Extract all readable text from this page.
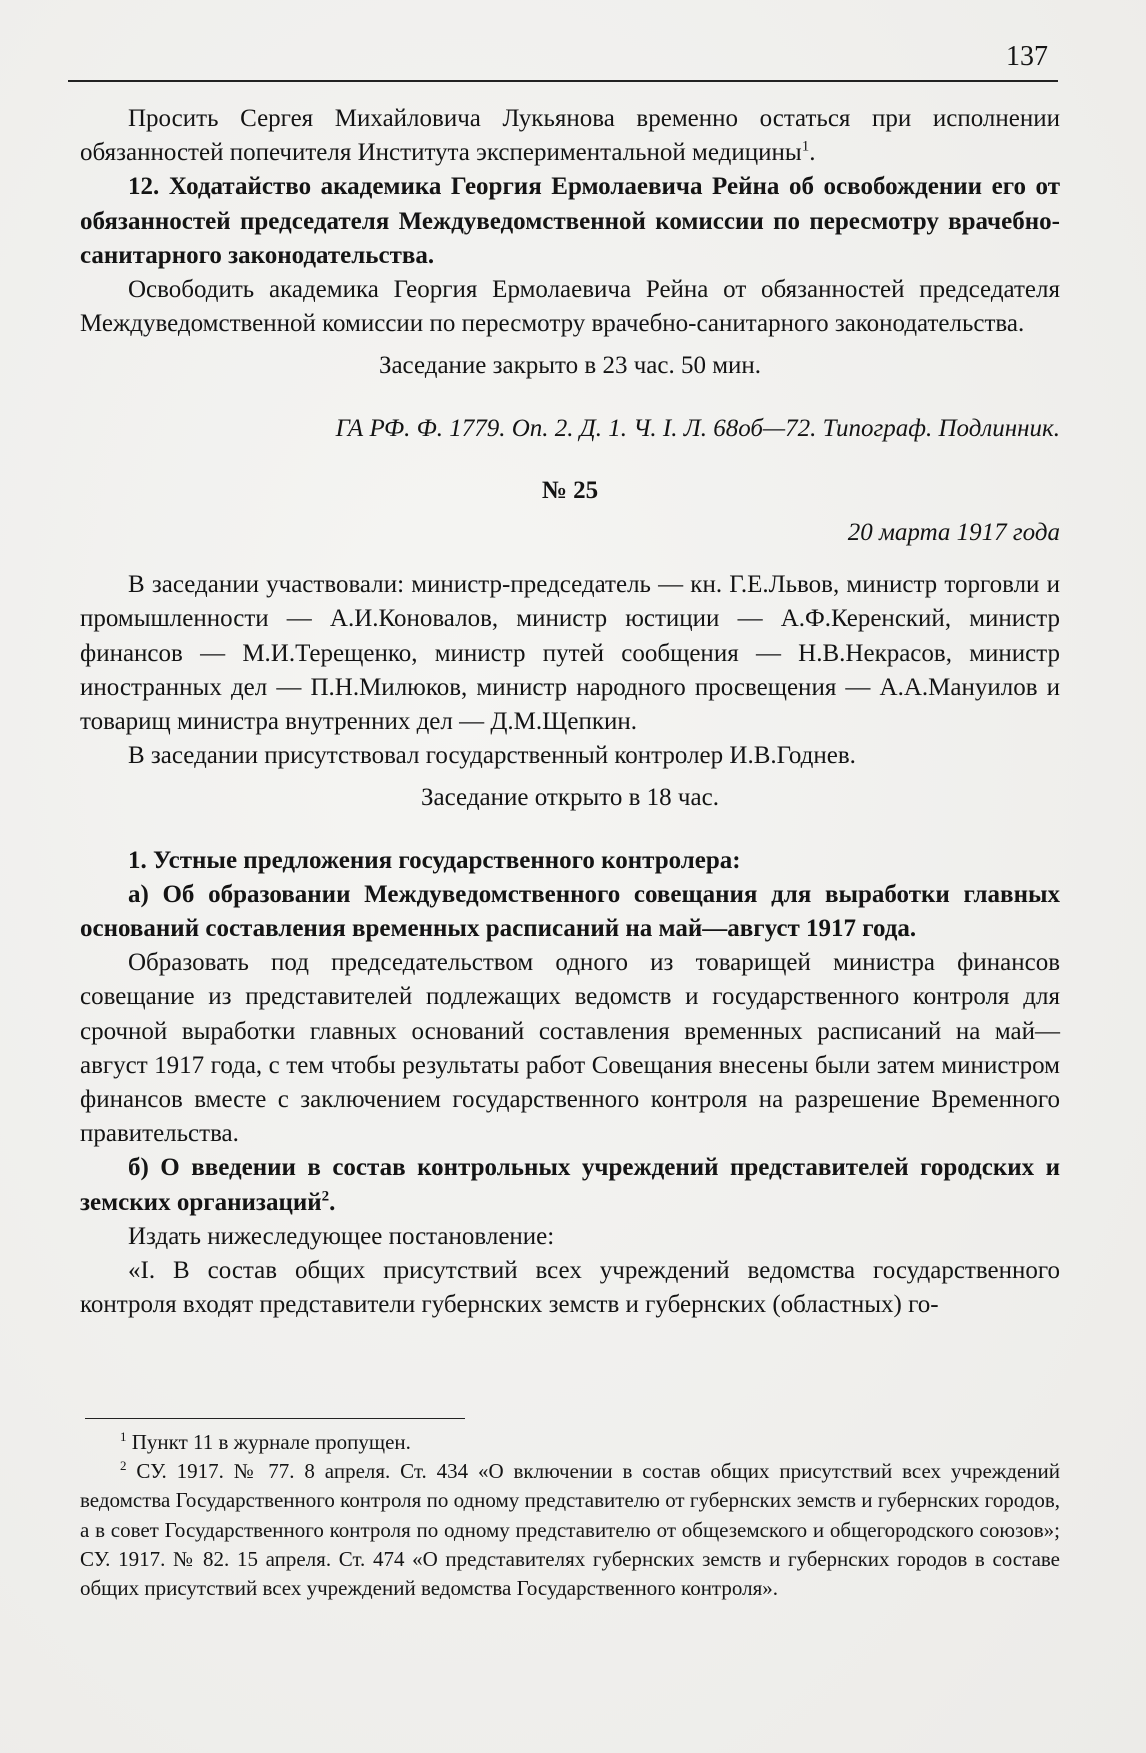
137

Просить Сергея Михайловича Лукьянова временно остаться при исполнении обязанностей попечителя Института экспериментальной медицины$^1$.

12. Ходатайство академика Георгия Ермолаевича Рейна об освобождении его от обязанностей председателя Междуведомственной комиссии по пересмотру врачебно-санитарного законодательства.

Освободить академика Георгия Ермолаевича Рейна от обязанностей председателя Междуведомственной комиссии по пересмотру врачебно-санитарного законодательства.

Заседание закрыто в 23 час. 50 мин.

ГА РФ. Ф. 1779. Оп. 2. Д. 1. Ч. I. Л. 68об—72. Типограф. Подлинник.

№ 25

20 марта 1917 года

В заседании участвовали: министр-председатель — кн. Г.Е.Львов, министр торговли и промышленности — А.И.Коновалов, министр юстиции — А.Ф.Керенский, министр финансов — М.И.Терещенко, министр путей сообщения — Н.В.Некрасов, министр иностранных дел — П.Н.Милюков, министр народного просвещения — А.А.Мануилов и товарищ министра внутренних дел — Д.М.Щепкин.

В заседании присутствовал государственный контролер И.В.Годнев.

Заседание открыто в 18 час.

1. Устные предложения государственного контролера:

а) Об образовании Междуведомственного совещания для выработки главных оснований составления временных расписаний на май—август 1917 года.

Образовать под председательством одного из товарищей министра финансов совещание из представителей подлежащих ведомств и государственного контроля для срочной выработки главных оснований составления временных расписаний на май—август 1917 года, с тем чтобы результаты работ Совещания внесены были затем министром финансов вместе с заключением государственного контроля на разрешение Временного правительства.

б) О введении в состав контрольных учреждений представителей городских и земских организаций$^2$.

Издать нижеследующее постановление:

«I. В состав общих присутствий всех учреждений ведомства государственного контроля входят представители губернских земств и губернских (областных) го-

$^1$ Пункт 11 в журнале пропущен.

$^2$ СУ. 1917. № 77. 8 апреля. Ст. 434 «О включении в состав общих присутствий всех учреждений ведомства Государственного контроля по одному представителю от губернских земств и губернских городов, а в совет Государственного контроля по одному представителю от общеземского и общегородского союзов»; СУ. 1917. № 82. 15 апреля. Ст. 474 «О представителях губернских земств и губернских городов в составе общих присутствий всех учреждений ведомства Государственного контроля».
